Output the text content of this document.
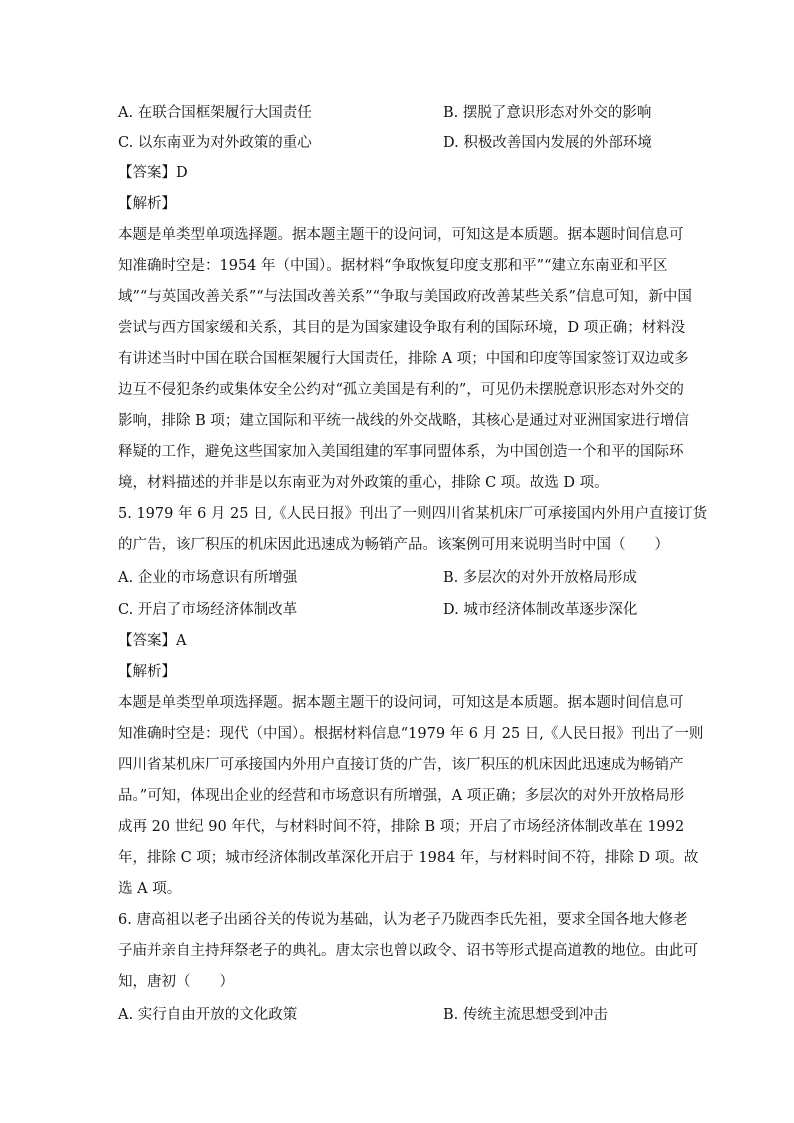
A. 在联合国框架履行大国责任	B. 摆脱了意识形态对外交的影响
C. 以东南亚为对外政策的重心	D. 积极改善国内发展的外部环境
【答案】D
【解析】
本题是单类型单项选择题。据本题主题干的设问词，可知这是本质题。据本题时间信息可
知准确时空是：1954 年（中国）。据材料“争取恢复印度支那和平”“建立东南亚和平区
域”“与英国改善关系”“与法国改善关系”“争取与美国政府改善某些关系”信息可知，新中国
尝试与西方国家缓和关系，其目的是为国家建设争取有利的国际环境，D 项正确；材料没
有讲述当时中国在联合国框架履行大国责任，排除 A 项；中国和印度等国家签订双边或多
边互不侵犯条约或集体安全公约对“孤立美国是有利的”，可见仍未摆脱意识形态对外交的
影响，排除 B 项；建立国际和平统一战线的外交战略，其核心是通过对亚洲国家进行增信
释疑的工作，避免这些国家加入美国组建的军事同盟体系，为中国创造一个和平的国际环
境，材料描述的并非是以东南亚为对外政策的重心，排除 C 项。故选 D 项。
5. 1979 年 6 月 25 日,《人民日报》刊出了一则四川省某机床厂可承接国内外用户直接订货
的广告，该厂积压的机床因此迅速成为畅销产品。该案例可用来说明当时中国（　　）
A. 企业的市场意识有所增强	B. 多层次的对外开放格局形成
C. 开启了市场经济体制改革	D. 城市经济体制改革逐步深化
【答案】A
【解析】
本题是单类型单项选择题。据本题主题干的设问词，可知这是本质题。据本题时间信息可
知准确时空是：现代（中国）。根据材料信息“1979 年 6 月 25 日,《人民日报》刊出了一则
四川省某机床厂可承接国内外用户直接订货的广告，该厂积压的机床因此迅速成为畅销产
品。”可知，体现出企业的经营和市场意识有所增强，A 项正确；多层次的对外开放格局形
成再 20 世纪 90 年代，与材料时间不符，排除 B 项；开启了市场经济体制改革在 1992
年，排除 C 项；城市经济体制改革深化开启于 1984 年，与材料时间不符，排除 D 项。故
选 A 项。
6. 唐高祖以老子出函谷关的传说为基础，认为老子乃陇西李氏先祖，要求全国各地大修老
子庙并亲自主持拜祭老子的典礼。唐太宗也曾以政令、诏书等形式提高道教的地位。由此可
知，唐初（　　）
A. 实行自由开放的文化政策	B. 传统主流思想受到冲击
